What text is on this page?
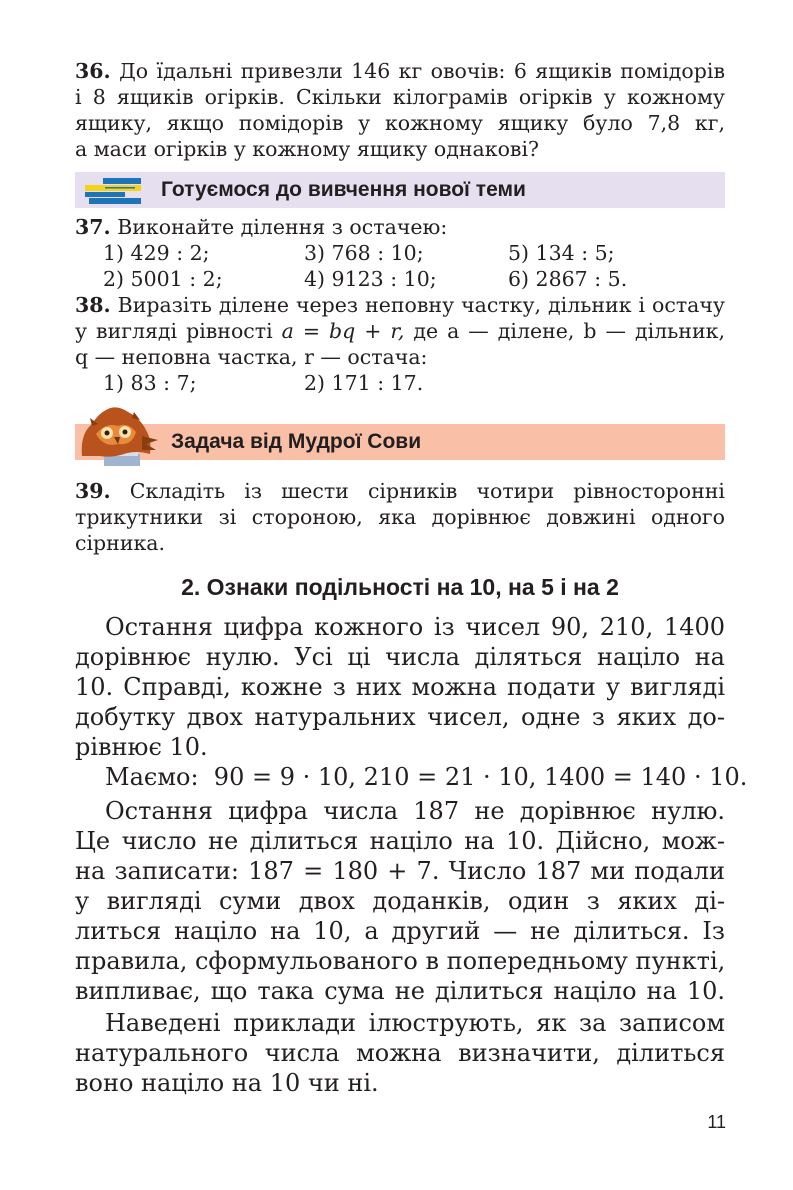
36. До їдальні привезли 146 кг овочів: 6 ящиків помідорів
і 8 ящиків огірків. Скільки кілограмів огірків у кожному
ящику, якщо помідорів у кожному ящику було 7,8 кг,
а маси огірків у кожному ящику однакові?
Готуємося до вивчення нової теми
37. Виконайте ділення з остачею:
1) 429 : 2;	3) 768 : 10;	5) 134 : 5;
2) 5001 : 2;	4) 9123 : 10;	6) 2867 : 5.
38. Виразіть ділене через неповну частку, дільник і остачу
у вигляді рівності a = bq + r, де a — ділене, b — дільник,
q — неповна частка, r — остача:
1) 83 : 7;	2) 171 : 17.
Задача від Мудрої Сови
39. Складіть із шести сірників чотири рівносторонні
трикутники зі стороною, яка дорівнює довжині одного
сірника.
2. Ознаки подільності на 10, на 5 і на 2
Остання цифра кожного із чисел 90, 210, 1400
дорівнює нулю. Усі ці числа діляться націло на
10. Справді, кожне з них можна подати у вигляді
добутку двох натуральних чисел, одне з яких до-
рівнює 10.
Маємо: 90 = 9 · 10, 210 = 21 · 10, 1400 = 140 · 10.
Остання цифра числа 187 не дорівнює нулю.
Це число не ділиться націло на 10. Дійсно, мож-
на записати: 187 = 180 + 7. Число 187 ми подали
у вигляді суми двох доданків, один з яких ді-
литься націло на 10, а другий — не ділиться. Із
правила, сформульованого в попередньому пункті,
випливає, що така сума не ділиться націло на 10.
Наведені приклади ілюструють, як за записом
натурального числа можна визначити, ділиться
воно націло на 10 чи ні.
11
